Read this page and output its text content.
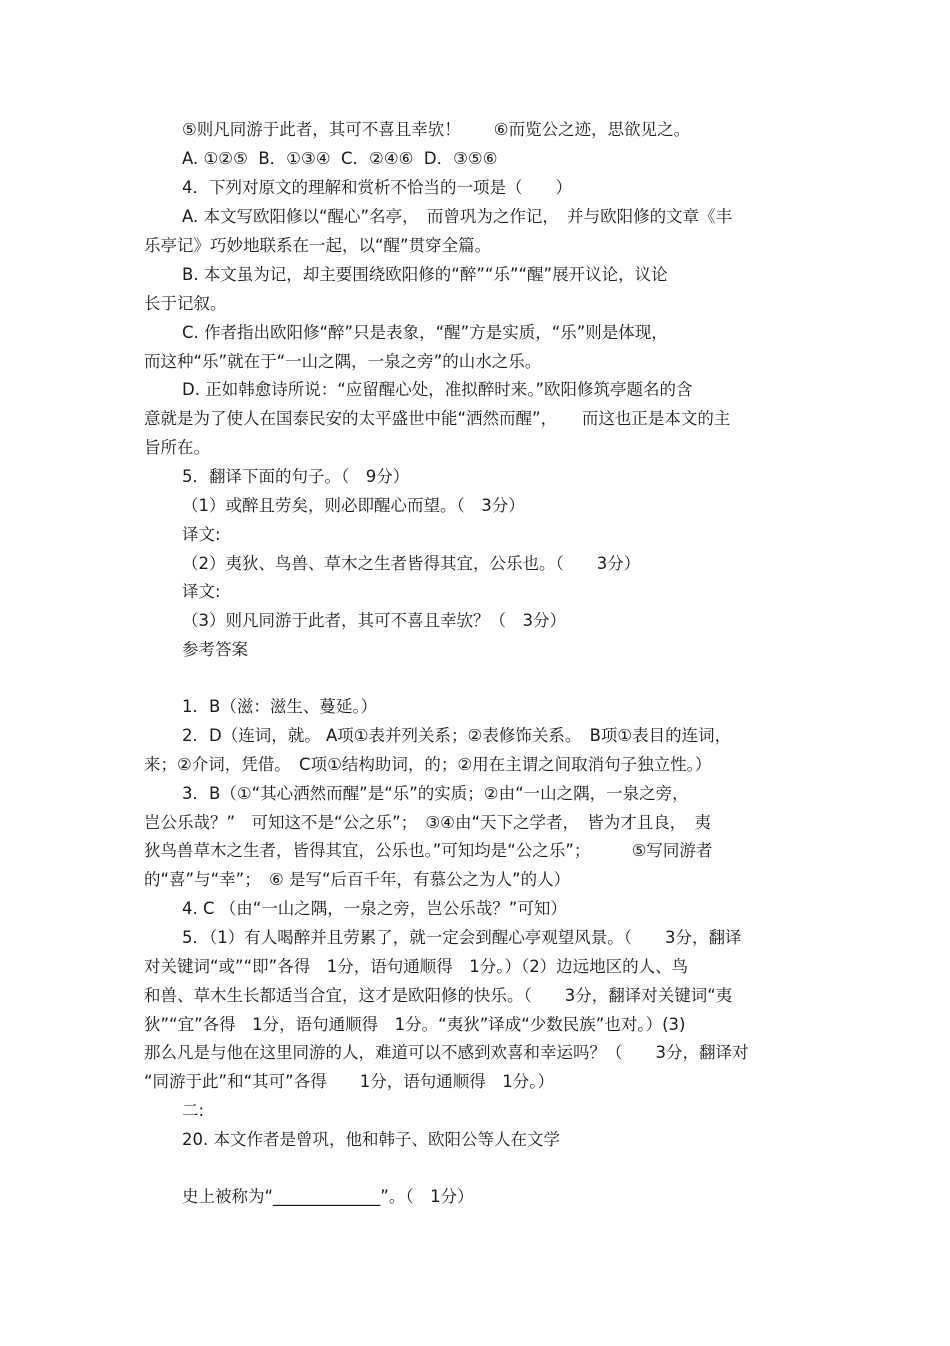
⑤则凡同游于此者，其可不喜且幸欤！　　⑥而览公之迹，思欲见之。
A. ①②⑤  B．①③④  C．②④⑥  D．③⑤⑥
4．下列对原文的理解和赏析不恰当的一项是（　　）
A. 本文写欧阳修以“醒心”名亭，　而曾巩为之作记，　并与欧阳修的文章《丰
乐亭记》巧妙地联系在一起，以“醒”贯穿全篇。
B. 本文虽为记，却主要围绕欧阳修的“醉”“乐”“醒”展开议论，议论
长于记叙。
C. 作者指出欧阳修“醉”只是表象，“醒”方是实质，“乐”则是体现，
而这种“乐”就在于“一山之隅，一泉之旁”的山水之乐。
D. 正如韩愈诗所说：“应留醒心处，准拟醉时来。”欧阳修筑亭题名的含
意就是为了使人在国泰民安的太平盛世中能“洒然而醒”，　　而这也正是本文的主
旨所在。
5．翻译下面的句子。（　9分）
（1）或醉且劳矣，则必即醒心而望。（　3分）
译文:
（2）夷狄、鸟兽、草木之生者皆得其宜，公乐也。（　　3分）
译文:
（3）则凡同游于此者，其可不喜且幸欤？（　3分）
参考答案
1．B（滋：滋生、蔓延。）
2．D（连词，就。 A项①表并列关系；②表修饰关系。　B项①表目的连词，
来；②介词，凭借。　C项①结构助词，的；②用在主谓之间取消句子独立性。）
3．B（①“其心洒然而醒”是“乐”的实质；②由“一山之隅，一泉之旁，
岂公乐哉？”　可知这不是“公之乐”；　③④由“天下之学者，　皆为才且良，　夷
狄鸟兽草木之生者，皆得其宜，公乐也。”可知均是“公之乐”；　　　⑤写同游者
的“喜”与“幸”；　⑥ 是写“后百千年，有慕公之为人”的人）
4. C （由“一山之隅，一泉之旁，岂公乐哉？”可知）
5．（1）有人喝醉并且劳累了，就一定会到醒心亭观望风景。（　　3分，翻译
对关键词“或”“即”各得　1分，语句通顺得　1分。）（2）边远地区的人、鸟
和兽、草木生长都适当合宜，这才是欧阳修的快乐。（　　3分，翻译对关键词“夷
狄”“宜”各得　1分，语句通顺得　1分。“夷狄”译成“少数民族”也对。）(3)
那么凡是与他在这里同游的人，难道可以不感到欢喜和幸运吗？（　　3分，翻译对
“同游于此”和“其可”各得　　1分，语句通顺得　1分。）
二:
20. 本文作者是曾巩，他和韩子、欧阳公等人在文学
史上被称为“_____________”。（　1分）
